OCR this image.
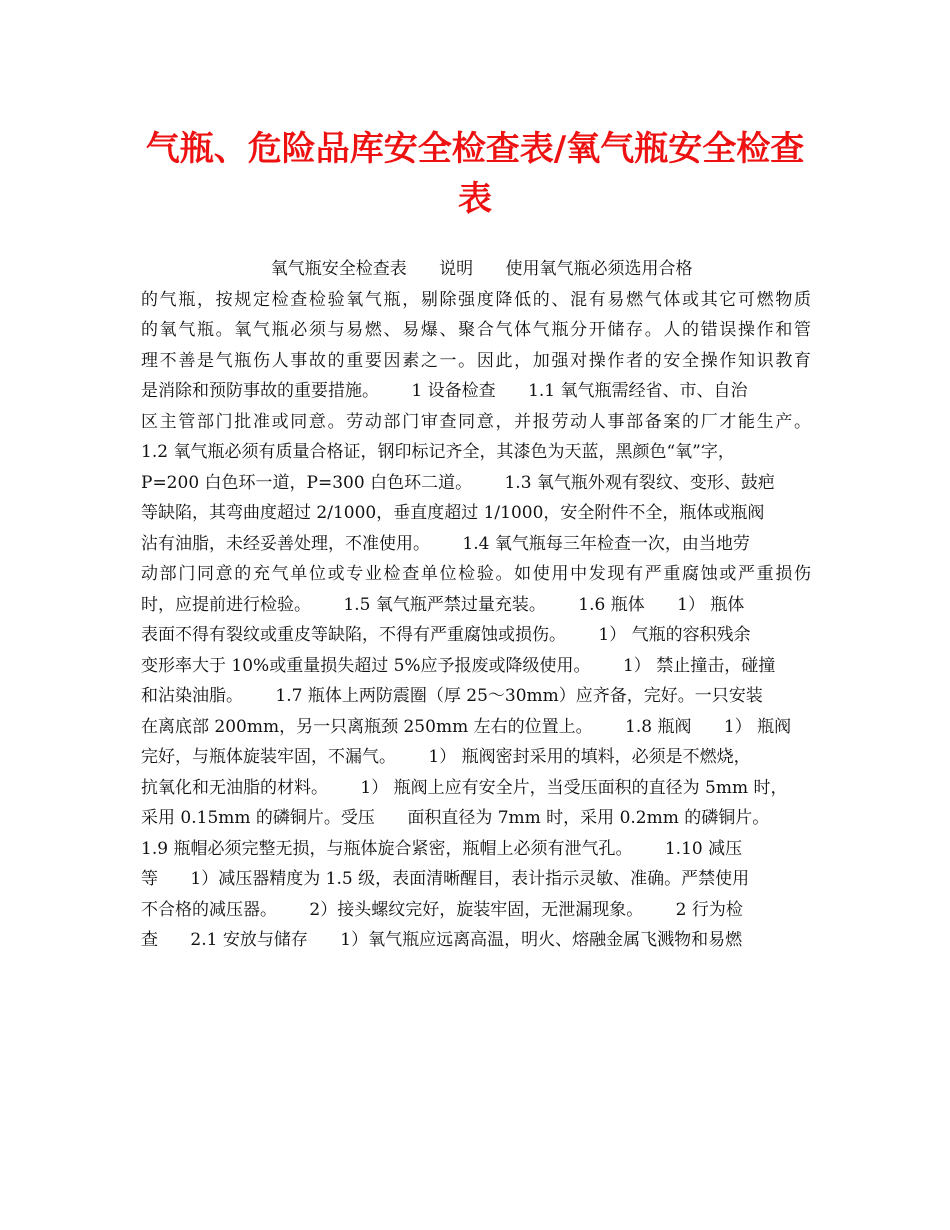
气瓶、危险品库安全检查表/氧气瓶安全检查表
氧气瓶安全检查表      说明      使用氧气瓶必须选用合格
的气瓶，按规定检查检验氧气瓶，剔除强度降低的、混有易燃气体或其它可燃物质
的氧气瓶。氧气瓶必须与易燃、易爆、聚合气体气瓶分开储存。人的错误操作和管
理不善是气瓶伤人事故的重要因素之一。因此，加强对操作者的安全操作知识教育
是消除和预防事故的重要措施。      1 设备检查      1.1 氧气瓶需经省、市、自治
区主管部门批准或同意。劳动部门审查同意，并报劳动人事部备案的厂才能生产。
1.2 氧气瓶必须有质量合格证，钢印标记齐全，其漆色为天蓝，黑颜色“氧”字，
P=200 白色环一道，P=300 白色环二道。      1.3 氧气瓶外观有裂纹、变形、鼓疤
等缺陷，其弯曲度超过 2/1000，垂直度超过 1/1000，安全附件不全，瓶体或瓶阀
沾有油脂，未经妥善处理，不准使用。      1.4 氧气瓶每三年检查一次，由当地劳
动部门同意的充气单位或专业检查单位检验。如使用中发现有严重腐蚀或严重损伤
时，应提前进行检验。      1.5 氧气瓶严禁过量充装。      1.6 瓶体      1） 瓶体
表面不得有裂纹或重皮等缺陷，不得有严重腐蚀或损伤。      1） 气瓶的容积残余
变形率大于 10%或重量损失超过 5%应予报废或降级使用。      1） 禁止撞击，碰撞
和沾染油脂。      1.7 瓶体上两防震圈（厚 25～30mm）应齐备，完好。一只安装
在离底部 200mm，另一只离瓶颈 250mm 左右的位置上。      1.8 瓶阀      1） 瓶阀
完好，与瓶体旋装牢固，不漏气。      1） 瓶阀密封采用的填料，必须是不燃烧，
抗氧化和无油脂的材料。      1） 瓶阀上应有安全片，当受压面积的直径为 5mm 时，
采用 0.15mm 的磷铜片。受压      面积直径为 7mm 时，采用 0.2mm 的磷铜片。
1.9 瓶帽必须完整无损，与瓶体旋合紧密，瓶帽上必须有泄气孔。      1.10 减压
等      1）减压器精度为 1.5 级，表面清晰醒目，表计指示灵敏、准确。严禁使用
不合格的减压器。      2）接头螺纹完好，旋装牢固，无泄漏现象。      2 行为检
查      2.1 安放与储存      1）氧气瓶应远离高温，明火、熔融金属飞溅物和易燃
